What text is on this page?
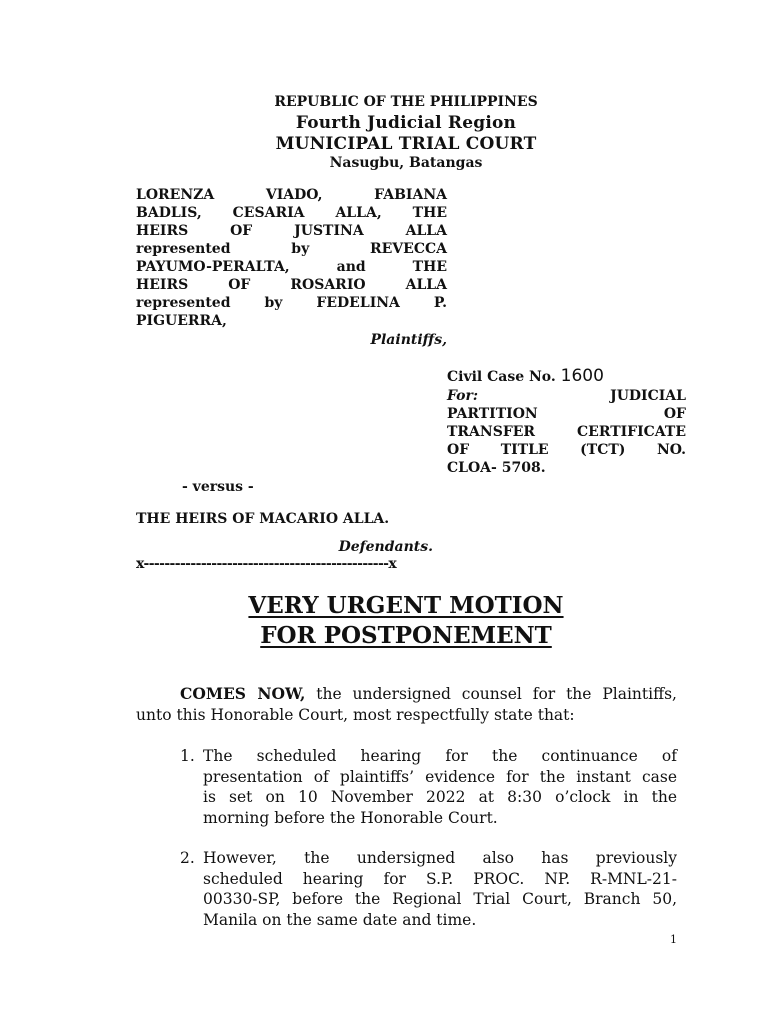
REPUBLIC OF THE PHILIPPINES
Fourth Judicial Region
MUNICIPAL TRIAL COURT
Nasugbu, Batangas
LORENZA VIADO, FABIANA
BADLIS, CESARIA ALLA, THE
HEIRS OF JUSTINA ALLA
represented by REVECCA
PAYUMO-PERALTA, and THE
HEIRS OF ROSARIO ALLA
represented by FEDELINA P.
PIGUERRA,
Plaintiffs,
Civil Case No. 1600
For:	JUDICIAL
PARTITION OF
TRANSFER CERTIFICATE
OF TITLE (TCT) NO.
CLOA- 5708.
- versus -
THE HEIRS OF MACARIO ALLA.
Defendants.
x-----------------------------------------------x
VERY URGENT MOTION
FOR POSTPONEMENT
COMES NOW, the undersigned counsel for the Plaintiffs,
unto this Honorable Court, most respectfully state that:
1. The scheduled hearing for the continuance of
presentation of plaintiffs’ evidence for the instant case
is set on 10 November 2022 at 8:30 o’clock in the
morning before the Honorable Court.
2. However, the undersigned also has previously
scheduled hearing for S.P. PROC. NP. R-MNL-21-
00330-SP, before the Regional Trial Court, Branch 50,
Manila on the same date and time.
1
